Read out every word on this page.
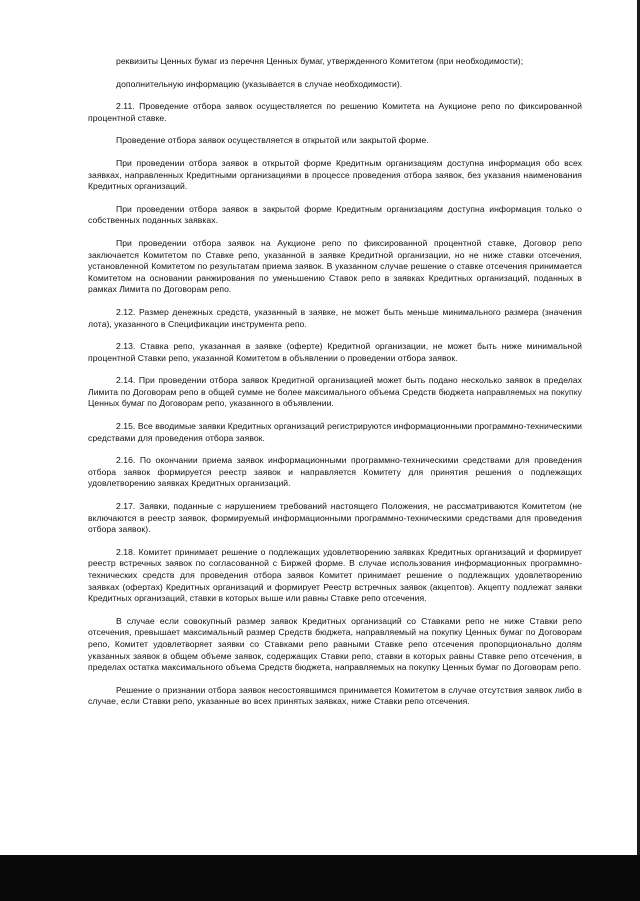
реквизиты Ценных бумаг из перечня Ценных бумаг, утвержденного Комитетом (при необходимости);

дополнительную информацию (указывается в случае необходимости).

2.11. Проведение отбора заявок осуществляется по решению Комитета на Аукционе репо по фиксированной процентной ставке.

Проведение отбора заявок осуществляется в открытой или закрытой форме.

При проведении отбора заявок в открытой форме Кредитным организациям доступна информация обо всех заявках, направленных Кредитными организациями в процессе проведения отбора заявок, без указания наименования Кредитных организаций.

При проведении отбора заявок в закрытой форме Кредитным организациям доступна информация только о собственных поданных заявках.

При проведении отбора заявок на Аукционе репо по фиксированной процентной ставке, Договор репо заключается Комитетом по Ставке репо, указанной в заявке Кредитной организации, но не ниже ставки отсечения, установленной Комитетом по результатам приема заявок. В указанном случае решение о ставке отсечения принимается Комитетом на основании ранжирования по уменьшению Ставок репо в заявках Кредитных организаций, поданных в рамках Лимита по Договорам репо.

2.12. Размер денежных средств, указанный в заявке, не может быть меньше минимального размера (значения лота), указанного в Спецификации инструмента репо.

2.13. Ставка репо, указанная в заявке (оферте) Кредитной организации, не может быть ниже минимальной процентной Ставки репо, указанной Комитетом в объявлении о проведении отбора заявок.

2.14. При проведении отбора заявок Кредитной организацией может быть подано несколько заявок в пределах Лимита по Договорам репо в общей сумме не более максимального объема Средств бюджета направляемых на покупку Ценных бумаг по Договорам репо, указанного в объявлении.

2.15. Все вводимые заявки Кредитных организаций регистрируются информационными программно-техническими средствами для проведения отбора заявок.

2.16. По окончании приема заявок информационными программно-техническими средствами для проведения отбора заявок формируется реестр заявок и направляется Комитету для принятия решения о подлежащих удовлетворению заявках Кредитных организаций.

2.17. Заявки, поданные с нарушением требований настоящего Положения, не рассматриваются Комитетом (не включаются в реестр заявок, формируемый информационными программно-техническими средствами для проведения отбора заявок).

2.18. Комитет принимает решение о подлежащих удовлетворению заявках Кредитных организаций и формирует реестр встречных заявок по согласованной с Биржей форме. В случае использования информационных программно-технических средств для проведения отбора заявок Комитет принимает решение о подлежащих удовлетворению заявках (офертах) Кредитных организаций и формирует Реестр встречных заявок (акцептов). Акцепту подлежат заявки Кредитных организаций, ставки в которых выше или равны Ставке репо отсечения.

В случае если совокупный размер заявок Кредитных организаций со Ставками репо не ниже Ставки репо отсечения, превышает максимальный размер Средств бюджета, направляемый на покупку Ценных бумаг по Договорам репо, Комитет удовлетворяет заявки со Ставками репо равными Ставке репо отсечения пропорционально долям указанных заявок в общем объеме заявок, содержащих Ставки репо, ставки в которых равны Ставке репо отсечения, в пределах остатка максимального объема Средств бюджета, направляемых на покупку Ценных бумаг по Договорам репо.

Решение о признании отбора заявок несостоявшимся принимается Комитетом в случае отсутствия заявок либо в случае, если Ставки репо, указанные во всех принятых заявках, ниже Ставки репо отсечения.
